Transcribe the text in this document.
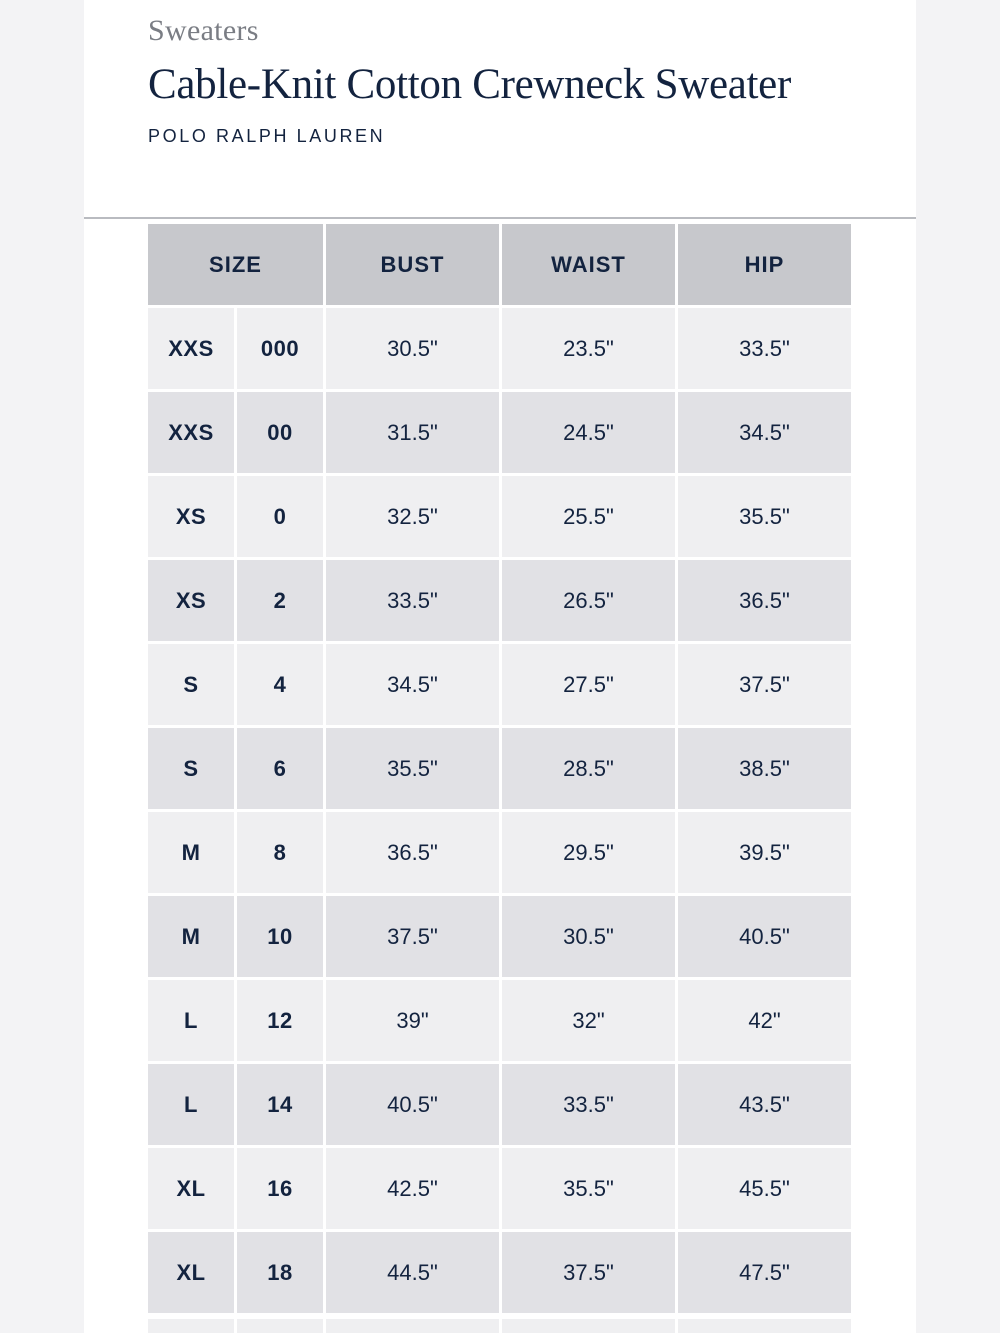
Sweaters
Cable-Knit Cotton Crewneck Sweater
POLO RALPH LAUREN
SIZE		BUST	WAIST	HIP
XXS	000	30.5"	23.5"	33.5"
XXS	00	31.5"	24.5"	34.5"
XS	0	32.5"	25.5"	35.5"
XS	2	33.5"	26.5"	36.5"
S	4	34.5"	27.5"	37.5"
S	6	35.5"	28.5"	38.5"
M	8	36.5"	29.5"	39.5"
M	10	37.5"	30.5"	40.5"
L	12	39"	32"	42"
L	14	40.5"	33.5"	43.5"
XL	16	42.5"	35.5"	45.5"
XL	18	44.5"	37.5"	47.5"
